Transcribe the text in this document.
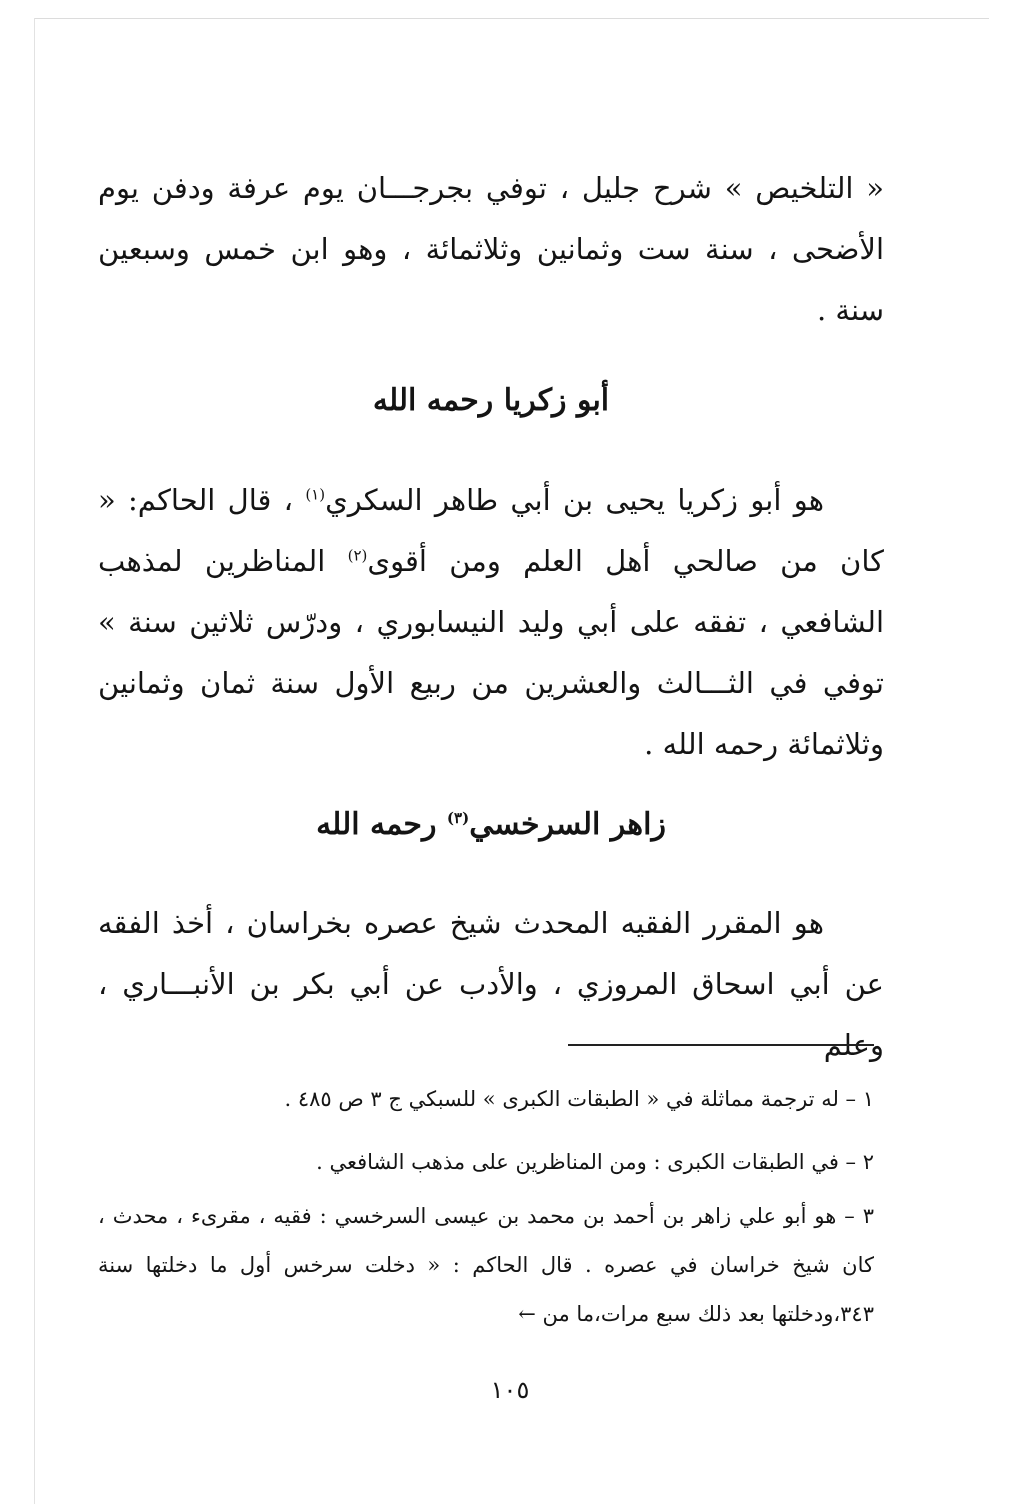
« التلخيص » شرح جليل ، توفي بجرجـــان يوم عرفة ودفن يوم الأضحى ، سنة ست وثمانين وثلاثمائة ، وهو ابن خمس وسبعين سنة .

أبو زكريا رحمه الله

هو أبو زكريا يحيى بن أبي طاهر السكري$^{(١)}$ ، قال الحاكم: « كان من صالحي أهل العلم ومن أقوى$^{(٢)}$ المناظرين لمذهب الشافعي ، تفقه على أبي وليد النيسابوري ، ودرّس ثلاثين سنة » توفي في الثـــالث والعشرين من ربيع الأول سنة ثمان وثمانين وثلاثمائة رحمه الله .

زاهر السرخسي$^{(٣)}$ رحمه الله

هو المقرر الفقيه المحدث شيخ عصره بخراسان ، أخذ الفقه عن أبي اسحاق المروزي ، والأدب عن أبي بكر بن الأنبـــاري ، وعلم

١ – له ترجمة مماثلة في « الطبقات الكبرى » للسبكي ج ٣ ص ٤٨٥ .

٢ – في الطبقات الكبرى : ومن المناظرين على مذهب الشافعي .

٣ – هو أبو علي زاهر بن أحمد بن محمد بن عيسى السرخسي : فقيه ، مقرىء ، محدث ، كان شيخ خراسان في عصره . قال الحاكم : « دخلت سرخس أول ما دخلتها سنة ٣٤٣،ودخلتها بعد ذلك سبع مرات،ما من ←

١٠٥
